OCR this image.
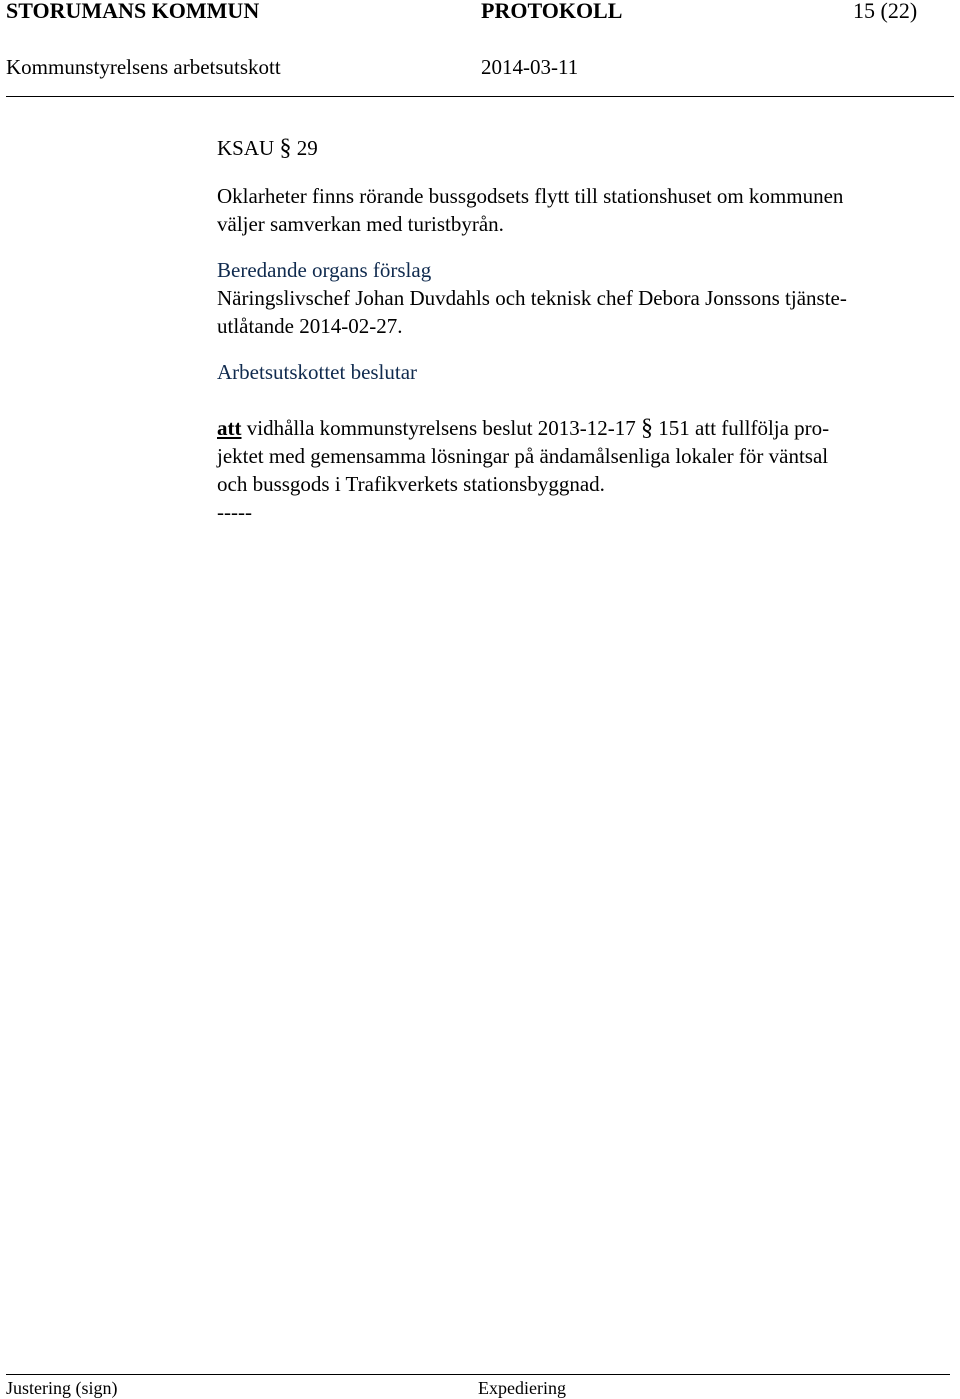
STORUMANS KOMMUN	PROTOKOLL	15 (22)
Kommunstyrelsens arbetsutskott	2014-03-11

KSAU § 29

Oklarheter finns rörande bussgodsets flytt till stationshuset om kommunen

väljer samverkan med turistbyrån.

Beredande organs förslag

Näringslivschef Johan Duvdahls och teknisk chef Debora Jonssons tjänste-

utlåtande 2014-02-27.

Arbetsutskottet beslutar

att vidhålla kommunstyrelsens beslut 2013-12-17 § 151 att fullfölja pro-

jektet med gemensamma lösningar på ändamålsenliga lokaler för väntsal

och bussgods i Trafikverkets stationsbyggnad.

-----

Justering (sign)	Expediering
